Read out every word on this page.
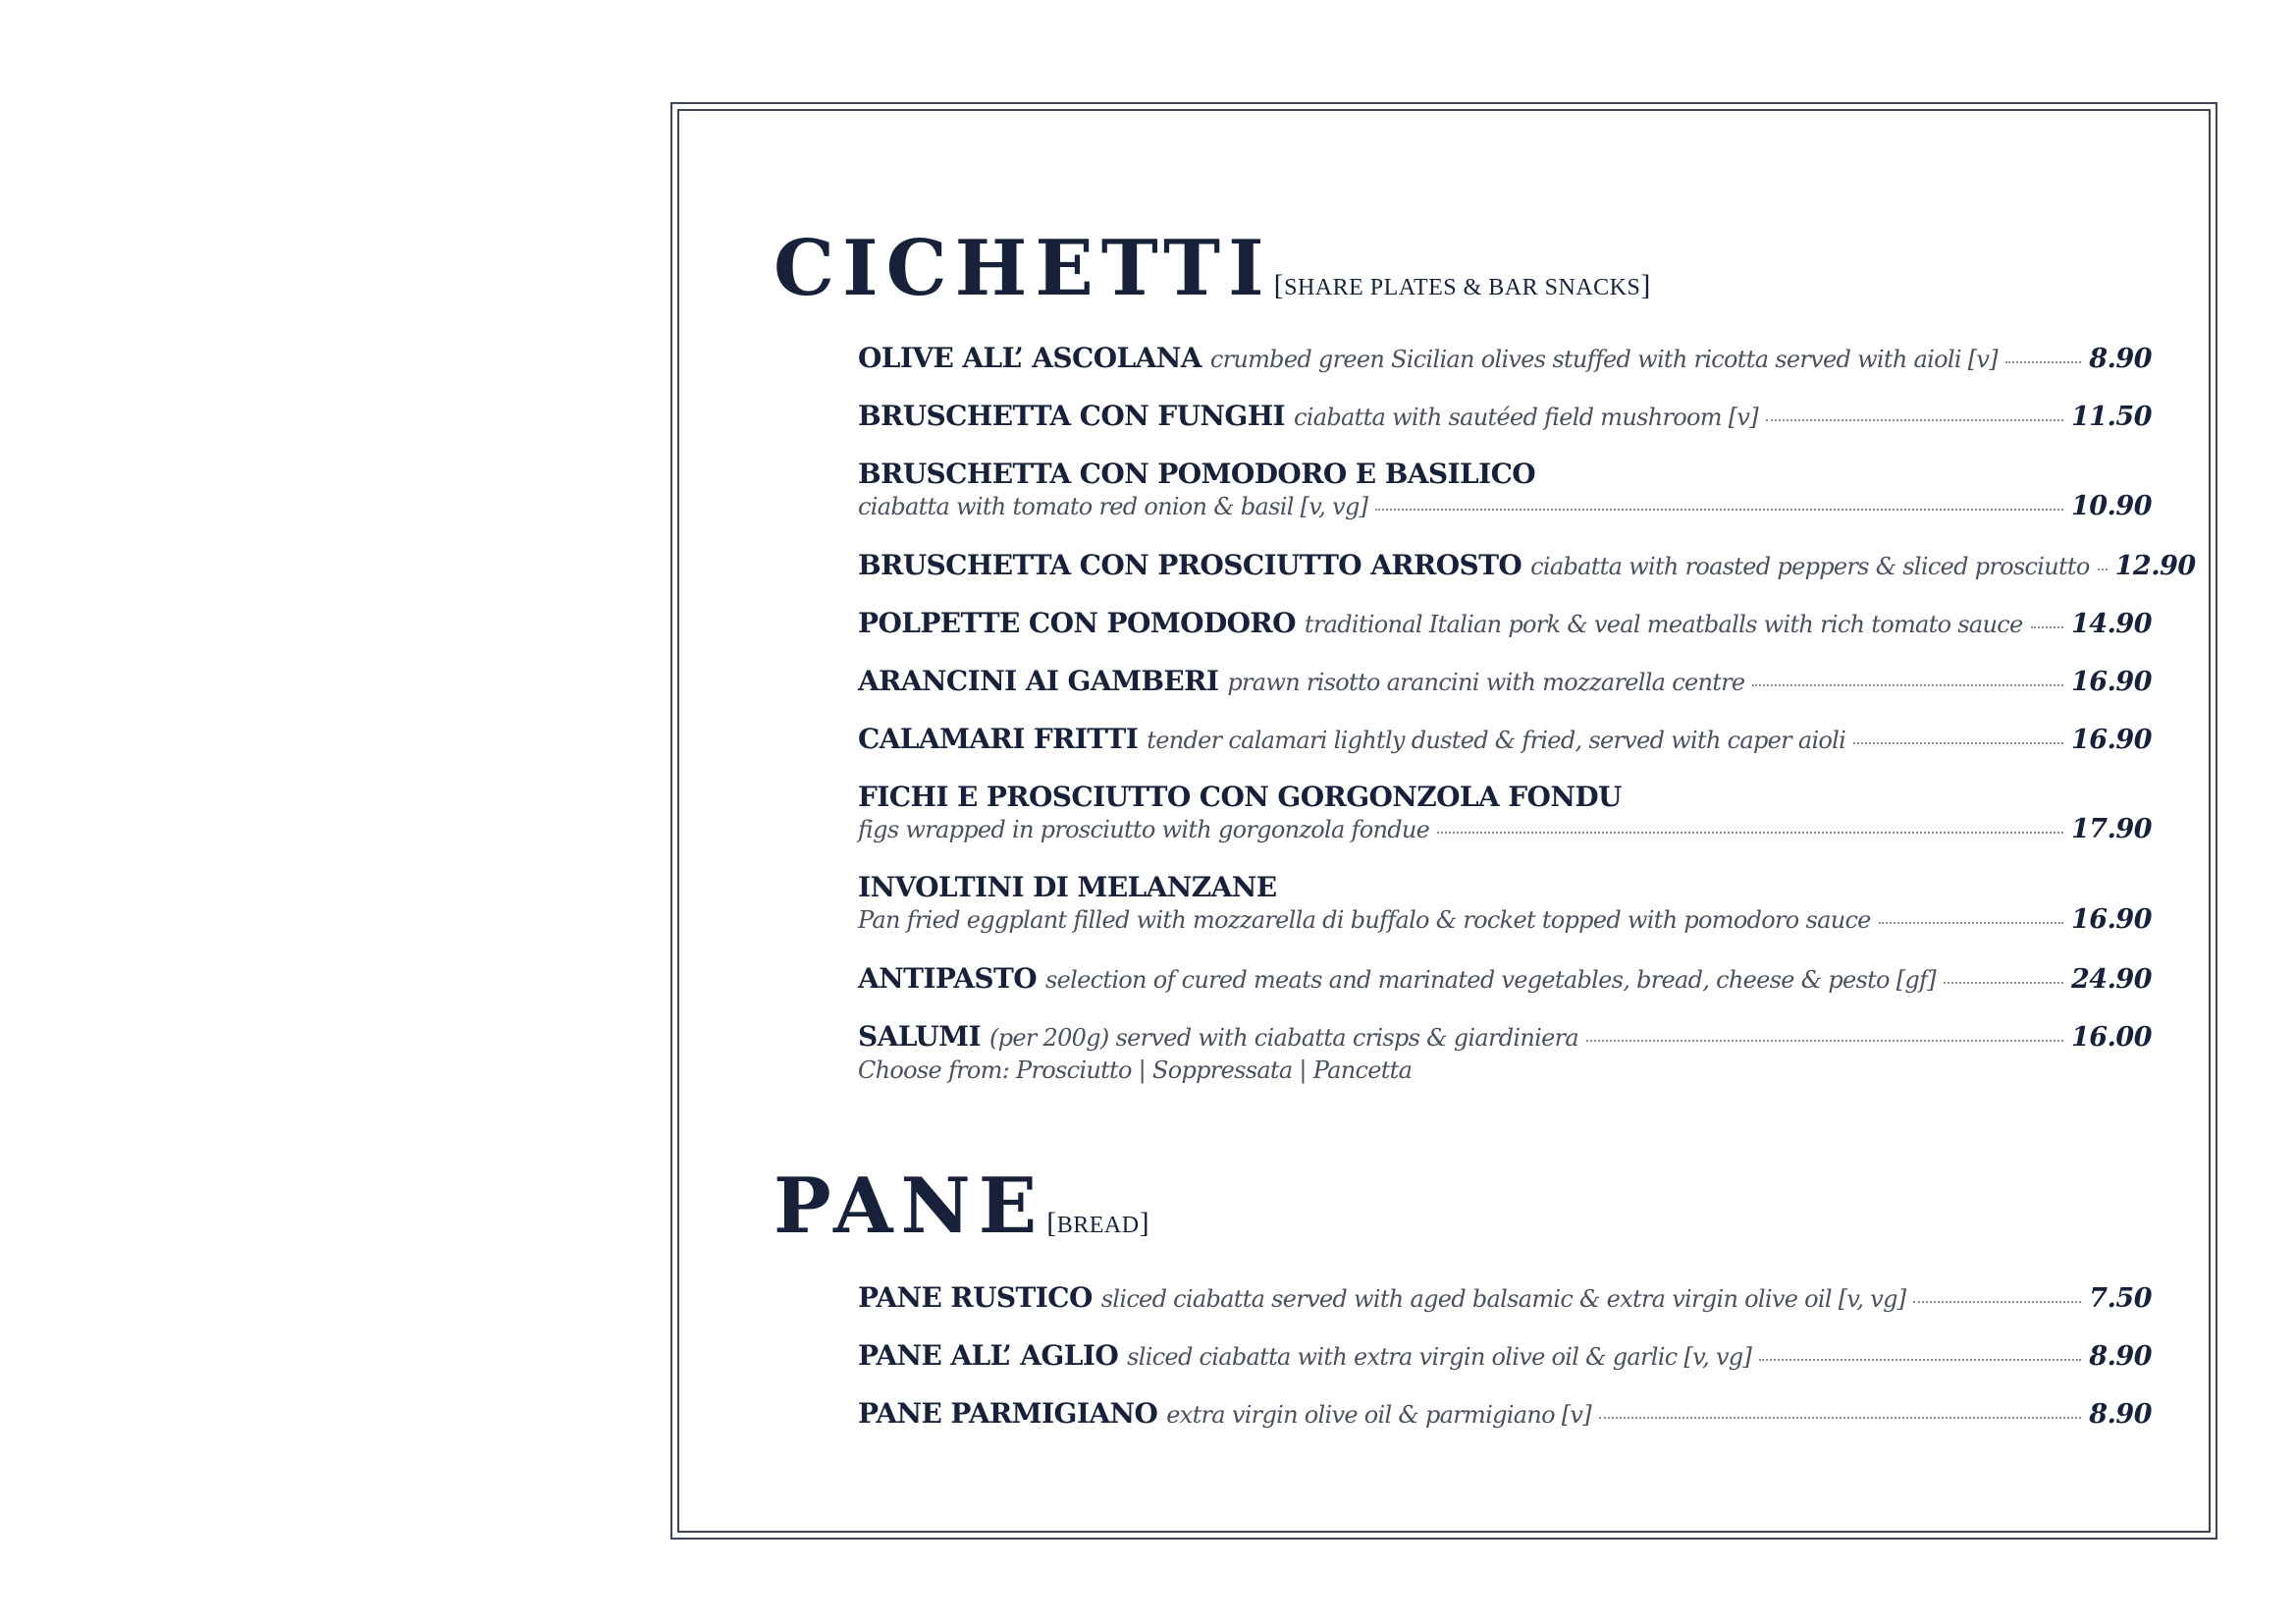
CICHETTI [SHARE PLATES & BAR SNACKS]
OLIVE ALL’ ASCOLANA crumbed green Sicilian olives stuffed with ricotta served with aioli [v]	8.90
BRUSCHETTA CON FUNGHI ciabatta with sautéed field mushroom [v]	11.50
BRUSCHETTA CON POMODORO E BASILICO
ciabatta with tomato red onion & basil [v, vg]	10.90
BRUSCHETTA CON PROSCIUTTO ARROSTO ciabatta with roasted peppers & sliced prosciutto 12.90
POLPETTE CON POMODORO traditional Italian pork & veal meatballs with rich tomato sauce 14.90
ARANCINI AI GAMBERI prawn risotto arancini with mozzarella centre	16.90
CALAMARI FRITTI tender calamari lightly dusted & fried, served with caper aioli	16.90
FICHI E PROSCIUTTO CON GORGONZOLA FONDU
figs wrapped in prosciutto with gorgonzola fondue	17.90
INVOLTINI DI MELANZANE
Pan fried eggplant filled with mozzarella di buffalo & rocket topped with pomodoro sauce	16.90
ANTIPASTO selection of cured meats and marinated vegetables, bread, cheese & pesto [gf]	24.90
SALUMI (per 200g) served with ciabatta crisps & giardiniera	16.00
Choose from: Prosciutto | Soppressata | Pancetta
PANE [BREAD]
PANE RUSTICO sliced ciabatta served with aged balsamic & extra virgin olive oil [v, vg]	7.50
PANE ALL’ AGLIO sliced ciabatta with extra virgin olive oil & garlic [v, vg]	8.90
PANE PARMIGIANO extra virgin olive oil & parmigiano [v]	8.90
